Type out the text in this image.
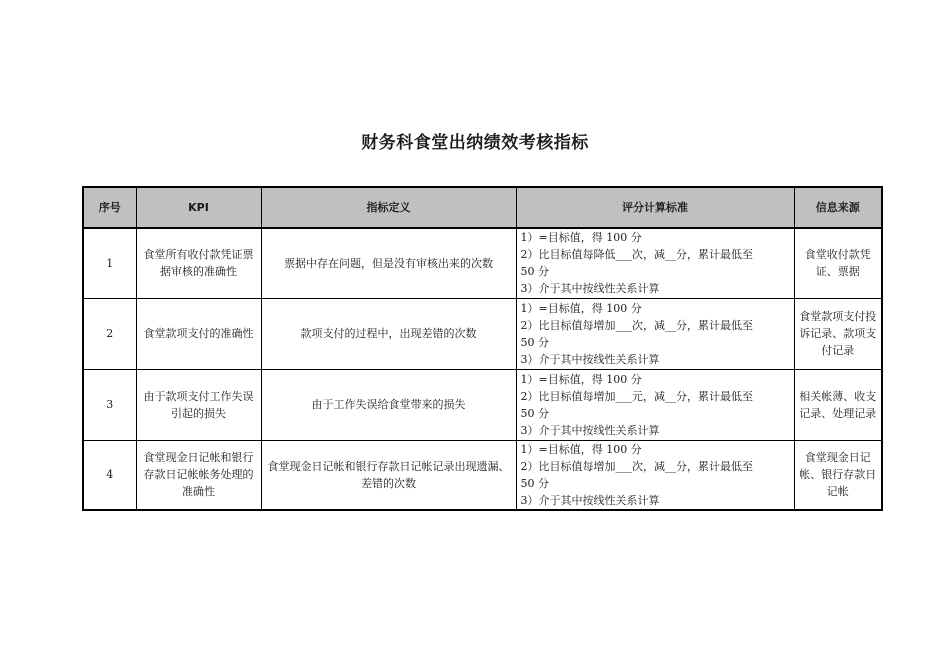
财务科食堂出纳绩效考核指标
序号	KPI	指标定义	评分计算标准	信息来源
1	食堂所有收付款凭证票据审核的准确性	票据中存在问题，但是没有审核出来的次数	1）=目标值，得 100 分
2）比目标值每降低___次，减__分，累计最低至
50 分
3）介于其中按线性关系计算	食堂收付款凭证、票据
2	食堂款项支付的准确性	款项支付的过程中，出现差错的次数	1）=目标值，得 100 分
2）比目标值每增加___次，减__分，累计最低至
50 分
3）介于其中按线性关系计算	食堂款项支付投诉记录、款项支付记录
3	由于款项支付工作失误引起的损失	由于工作失误给食堂带来的损失	1）=目标值，得 100 分
2）比目标值每增加___元，减__分，累计最低至
50 分
3）介于其中按线性关系计算	相关帐薄、收支记录、处理记录
4	食堂现金日记帐和银行存款日记帐帐务处理的准确性	食堂现金日记帐和银行存款日记帐记录出现遗漏、差错的次数	1）=目标值，得 100 分
2）比目标值每增加___次，减__分，累计最低至
50 分
3）介于其中按线性关系计算	食堂现金日记帐、银行存款日记帐
